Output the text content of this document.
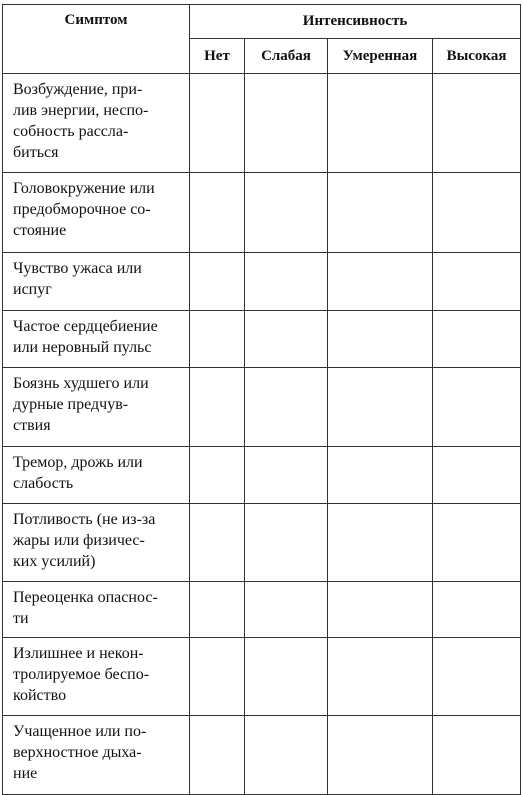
Симптом	Интенсивность			
	Нет	Слабая	Умеренная	Высокая

Возбуждение, при-
лив энергии, неспо-
собность рассла-
биться				

Головокружение или
предобморочное со-
стояние				

Чувство ужаса или
испуг				

Частое сердцебиение
или неровный пульс				

Боязнь худшего или
дурные предчув-
ствия				

Тремор, дрожь или
слабость				

Потливость (не из-за
жары или физичес-
ких усилий)				

Переоценка опаснос-
ти				

Излишнее и некон-
тролируемое беспо-
койство				

Учащенное или по-
верхностное дыха-
ние				
